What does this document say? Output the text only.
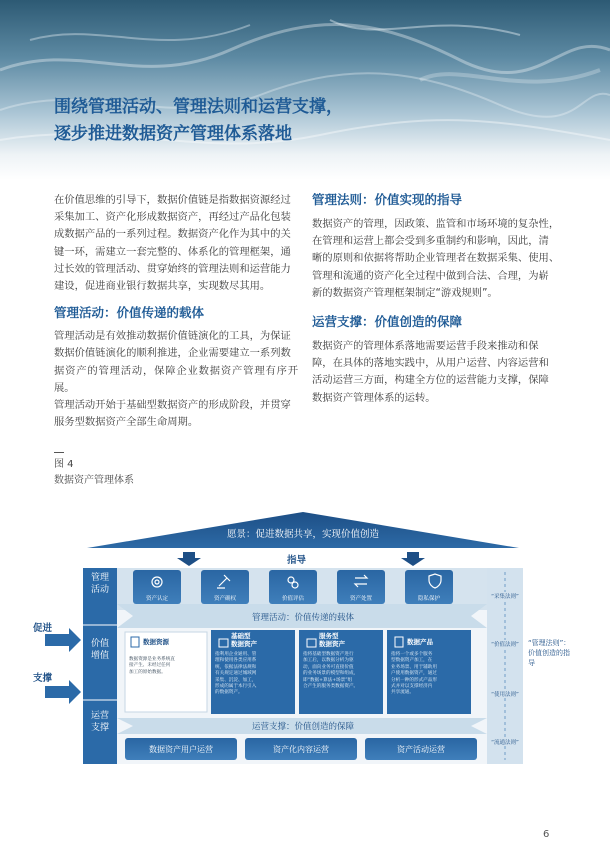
围绕管理活动、管理法则和运营支撑，
逐步推进数据资产管理体系落地

在价值思维的引导下，数据价值链是指数据资源经过

采集加工、资产化形成数据资产，再经过产品化包装

成数据产品的一系列过程。数据资产化作为其中的关

键一环，需建立一套完整的、体系化的管理框架，通

过长效的管理活动、贯穿始终的管理法则和运营能力

建设，促进商业银行数据共享，实现数尽其用。

管理活动：价值传递的载体

管理活动是有效推动数据价值链演化的工具，为保证

数据价值链演化的顺利推进，企业需要建立一系列数

据资产的管理活动，保障企业数据资产管理有序开展。

管理活动开始于基础型数据资产的形成阶段，并贯穿

服务型数据资产全部生命周期。

管理法则：价值实现的指导

数据资产的管理，因政策、监管和市场环境的复杂性，

在管理和运营上都会受到多重制约和影响，因此，清

晰的原则和依据将帮助企业管理者在数据采集、使用、

管理和流通的资产化全过程中做到合法、合理，为崭

新的数据资产管理框架制定“游戏规则”。

运营支撑：价值创造的保障

数据资产的管理体系落地需要运营手段来推动和保

障，在具体的落地实践中，从用户运营、内容运营和

活动运营三方面，构建全方位的运营能力支撑，保障

数据资产管理体系的运转。

图 4
数据资产管理体系
愿景：促进数据共享，实现价值创造
指导
管理活动
价值增值
运营支撑
促进
支撑
资产认定	资产确权	价值评估	资产处置	隐私保护
管理活动：价值传递的载体
数据资源
数据资源是业务系统直
接产生、未经过任何
加工的原始数据。
基础型
数据资产
指利用企业通用、管
理和使用各类应用系
统，依据法律法规和
有关规定通过城域网
采集、沉淀、加工，
形成的属于本行引入
的数据资产。
服务型
数据资产
指将基础型数据资产进行
加工后，以数据分析为驱
动，面向业务可直接价值
的业务场景的模型和组成，
即“数据+算法+场景”组
合产生的服务类数据资产。
数据产品
指将一个或多个服务
型数据资产加工，在
业务场景、用于辅助用
户使用数据资产，通过
分析一种的形式产品形
式并对以支撑经济内
共享流通。
运营支撑：价值创造的保障
数据资产用户运营	资产化内容运营	资产活动运营
“采集法则”
“价值法则”
“使用法则”
“流通法则”
“管理法则”：
价值创造的指
导
6
